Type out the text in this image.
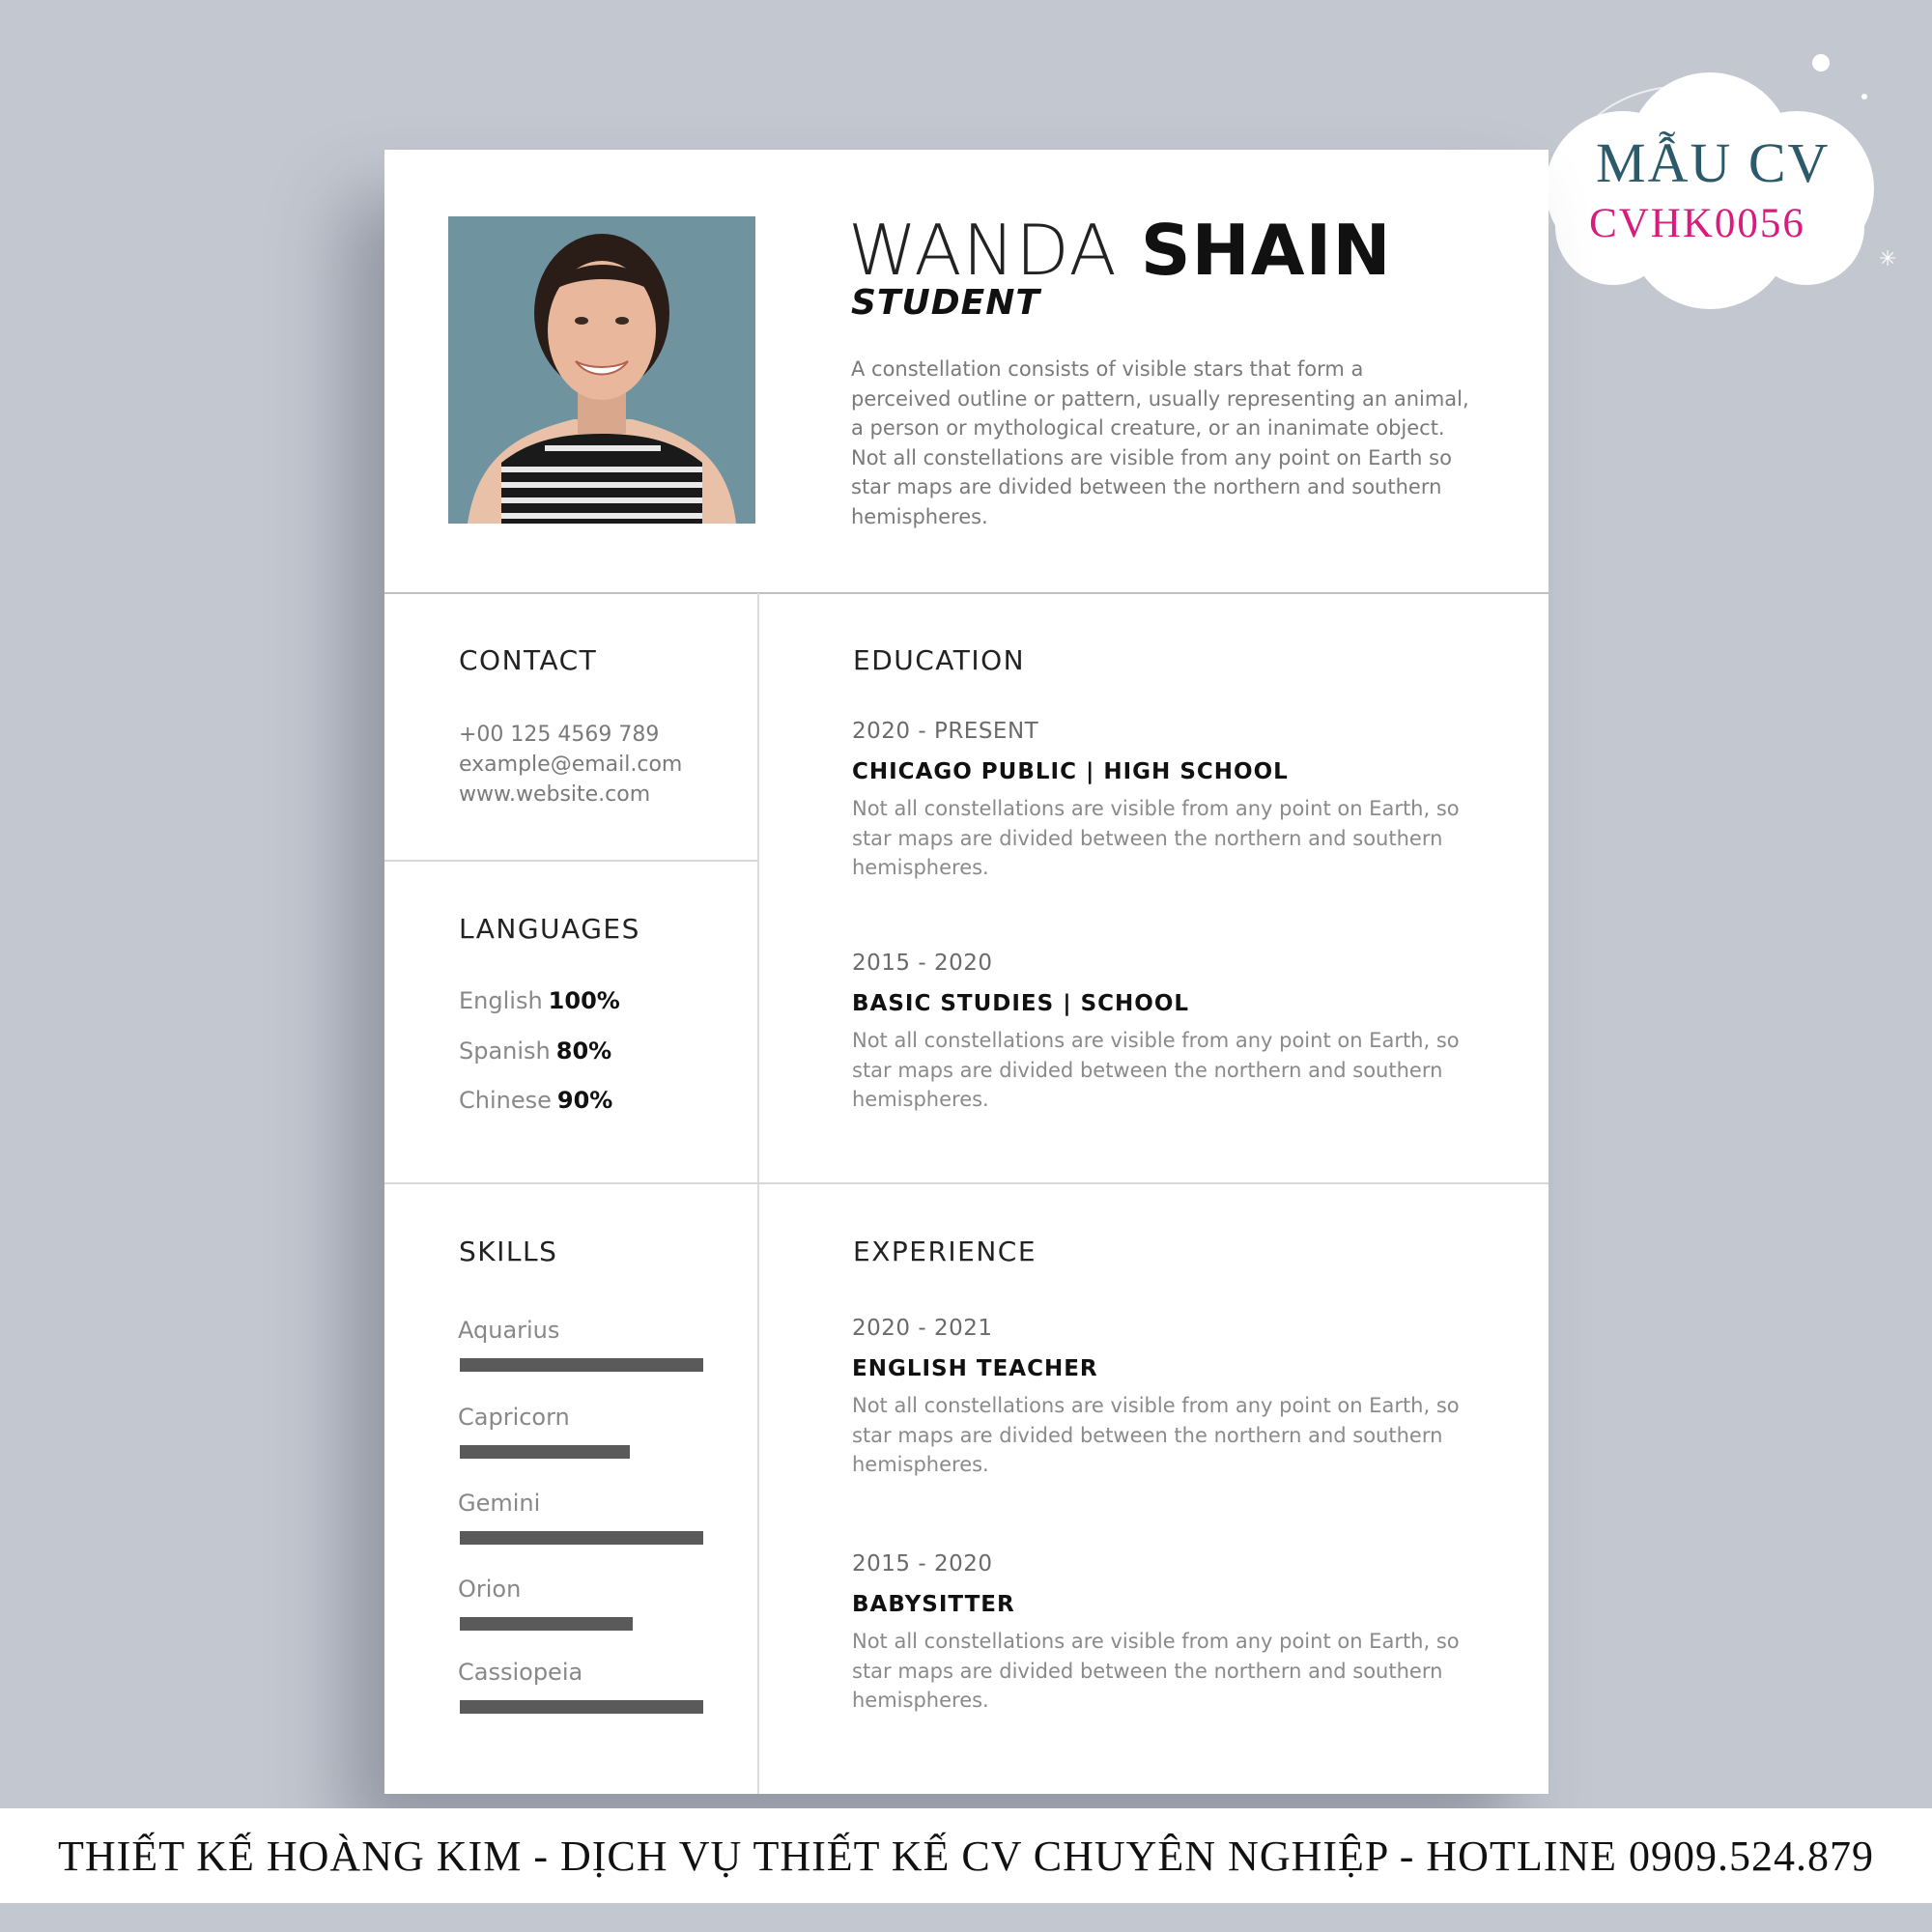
✳
MẪU CV
CVHK0056
WANDA SHAIN
STUDENT
A constellation consists of visible stars that form a perceived outline or pattern, usually representing an animal, a person or mythological creature, or an inanimate object. Not all constellations are visible from any point on Earth so star maps are divided between the northern and southern hemispheres.
CONTACT
+00 125 4569 789
example@email.com
www.website.com
LANGUAGES
English 100%
Spanish 80%
Chinese 90%
SKILLS
Aquarius
Capricorn
Gemini
Orion
Cassiopeia
EDUCATION
2020 - PRESENT
CHICAGO PUBLIC | HIGH SCHOOL
Not all constellations are visible from any point on Earth, so star maps are divided between the northern and southern hemispheres.
2015 - 2020
BASIC STUDIES | SCHOOL
Not all constellations are visible from any point on Earth, so star maps are divided between the northern and southern hemispheres.
EXPERIENCE
2020 - 2021
ENGLISH TEACHER
Not all constellations are visible from any point on Earth, so star maps are divided between the northern and southern hemispheres.
2015 - 2020
BABYSITTER
Not all constellations are visible from any point on Earth, so star maps are divided between the northern and southern hemispheres.
THIẾT KẾ HOÀNG KIM - DỊCH VỤ THIẾT KẾ CV CHUYÊN NGHIỆP - HOTLINE 0909.524.879
